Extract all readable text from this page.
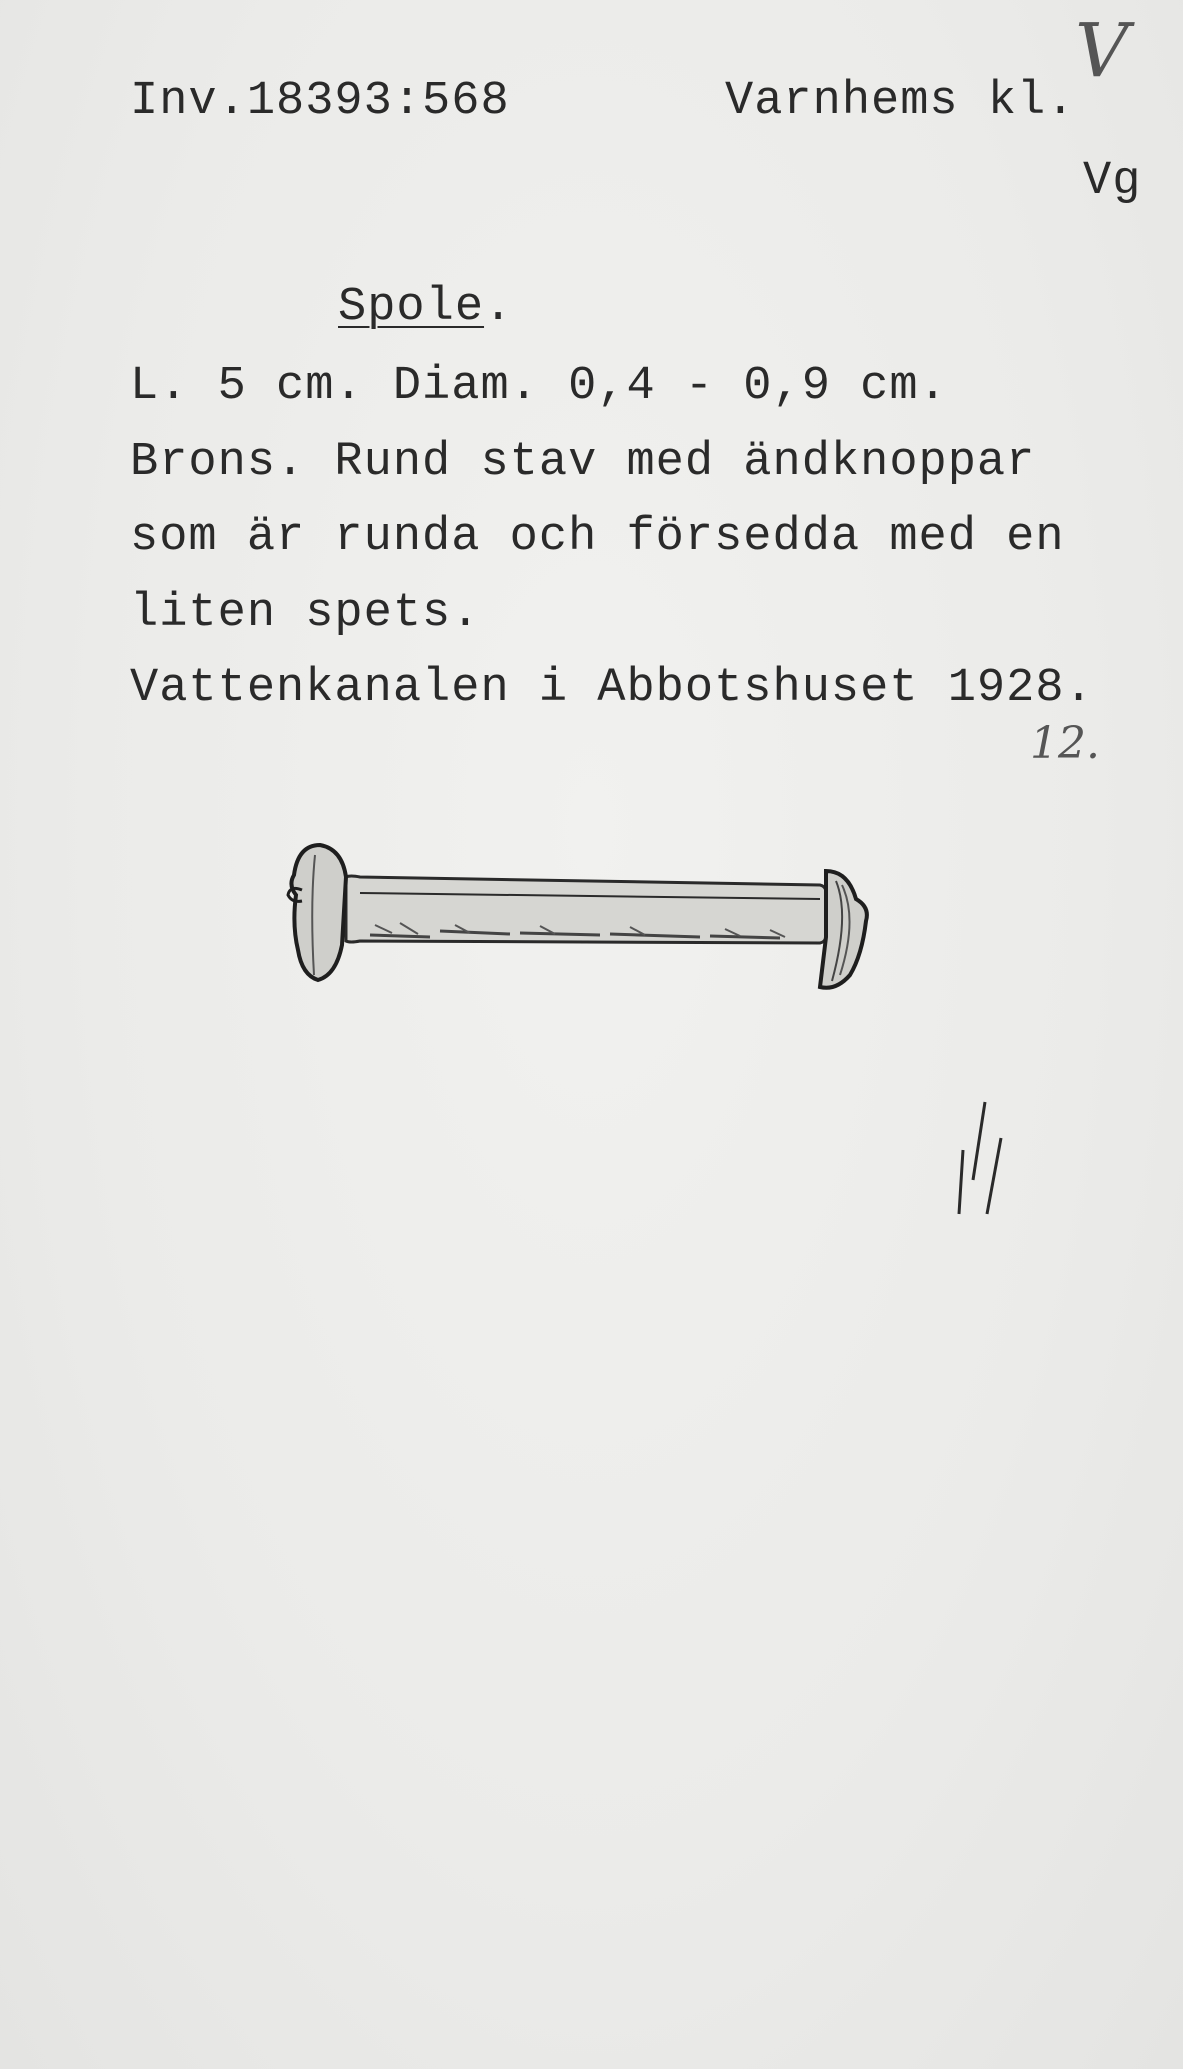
V
Inv.18393:568	Varnhems kl.
Vg
Spole.
L. 5 cm. Diam. 0,4 - 0,9 cm.
Brons. Rund stav med ändknoppar
som är runda och försedda med en
liten spets.
Vattenkanalen i Abbotshuset 1928.
12.
